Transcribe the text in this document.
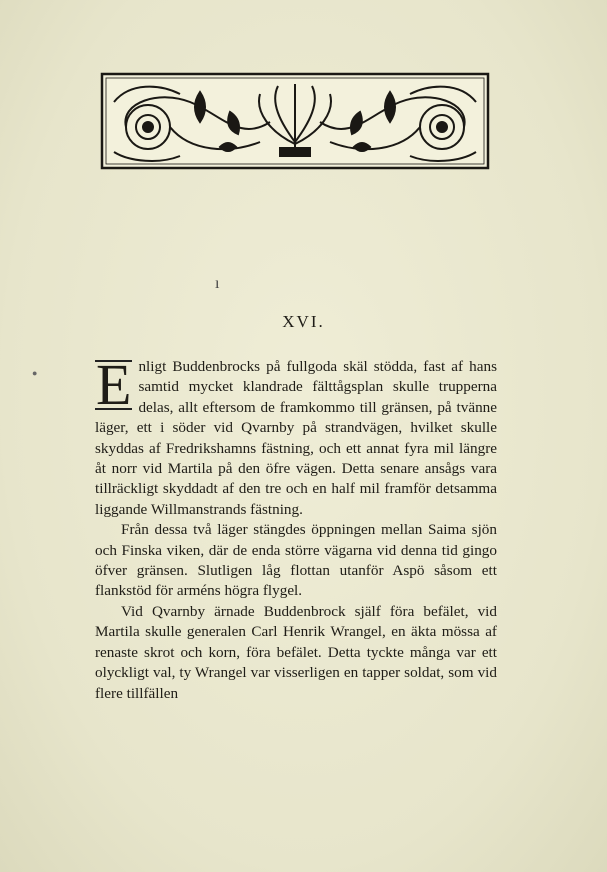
●
ı
XVI.

E nligt Buddenbrocks på fullgoda skäl stödda, fast af hans samtid mycket klandrade fälttågsplan skulle trupperna delas, allt eftersom de framkommo till gränsen, på tvänne läger, ett i söder vid Qvarnby på strandvägen, hvilket skulle skyddas af Fredrikshamns fästning, och ett annat fyra mil längre åt norr vid Martila på den öfre vägen. Detta senare ansågs vara tillräckligt skyddadt af den tre och en half mil framför detsamma liggande Willmanstrands fästning.

Från dessa två läger stängdes öppningen mellan Saima sjön och Finska viken, där de enda större vägarna vid denna tid gingo öfver gränsen. Slutligen låg flottan utanför Aspö såsom ett flankstöd för arméns högra flygel.

Vid Qvarnby ärnade Buddenbrock själf föra befälet, vid Martila skulle generalen Carl Henrik Wrangel, en äkta mössa af renaste skrot och korn, föra befälet. Detta tyckte många var ett olyckligt val, ty Wrangel var visserligen en tapper soldat, som vid flere tillfällen
